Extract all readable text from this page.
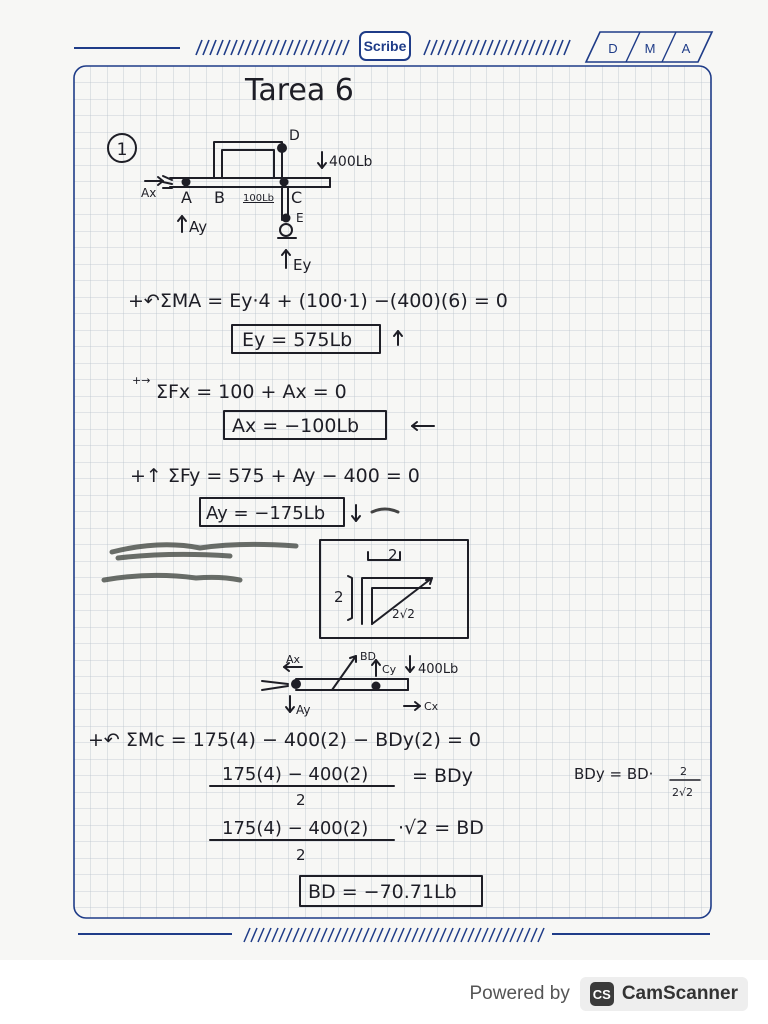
Scribe	D M A
Tarea 6
1
Ax A B	C
D
E
400Lb
100Lb
Ay
Ey
+↶ΣMA = Ey·4 + (100·1) −(400)(6) = 0
Ey = 575Lb
+→
ΣFx = 100 + Ax = 0
Ax = −100Lb
+↑ ΣFy = 575 + Ay − 400 = 0
Ay = −175Lb
2
2
2√2
Ax	BD
Cy 400Lb
Ay	Cx
+↶ ΣMc = 175(4) − 400(2) − BDy(2) = 0
175(4) − 400(2)
2
= BDy	BDy = BD· 2
2√2
175(4) − 400(2)
2
·√2 = BD
BD = −70.71Lb
Powered by CS CamScanner
